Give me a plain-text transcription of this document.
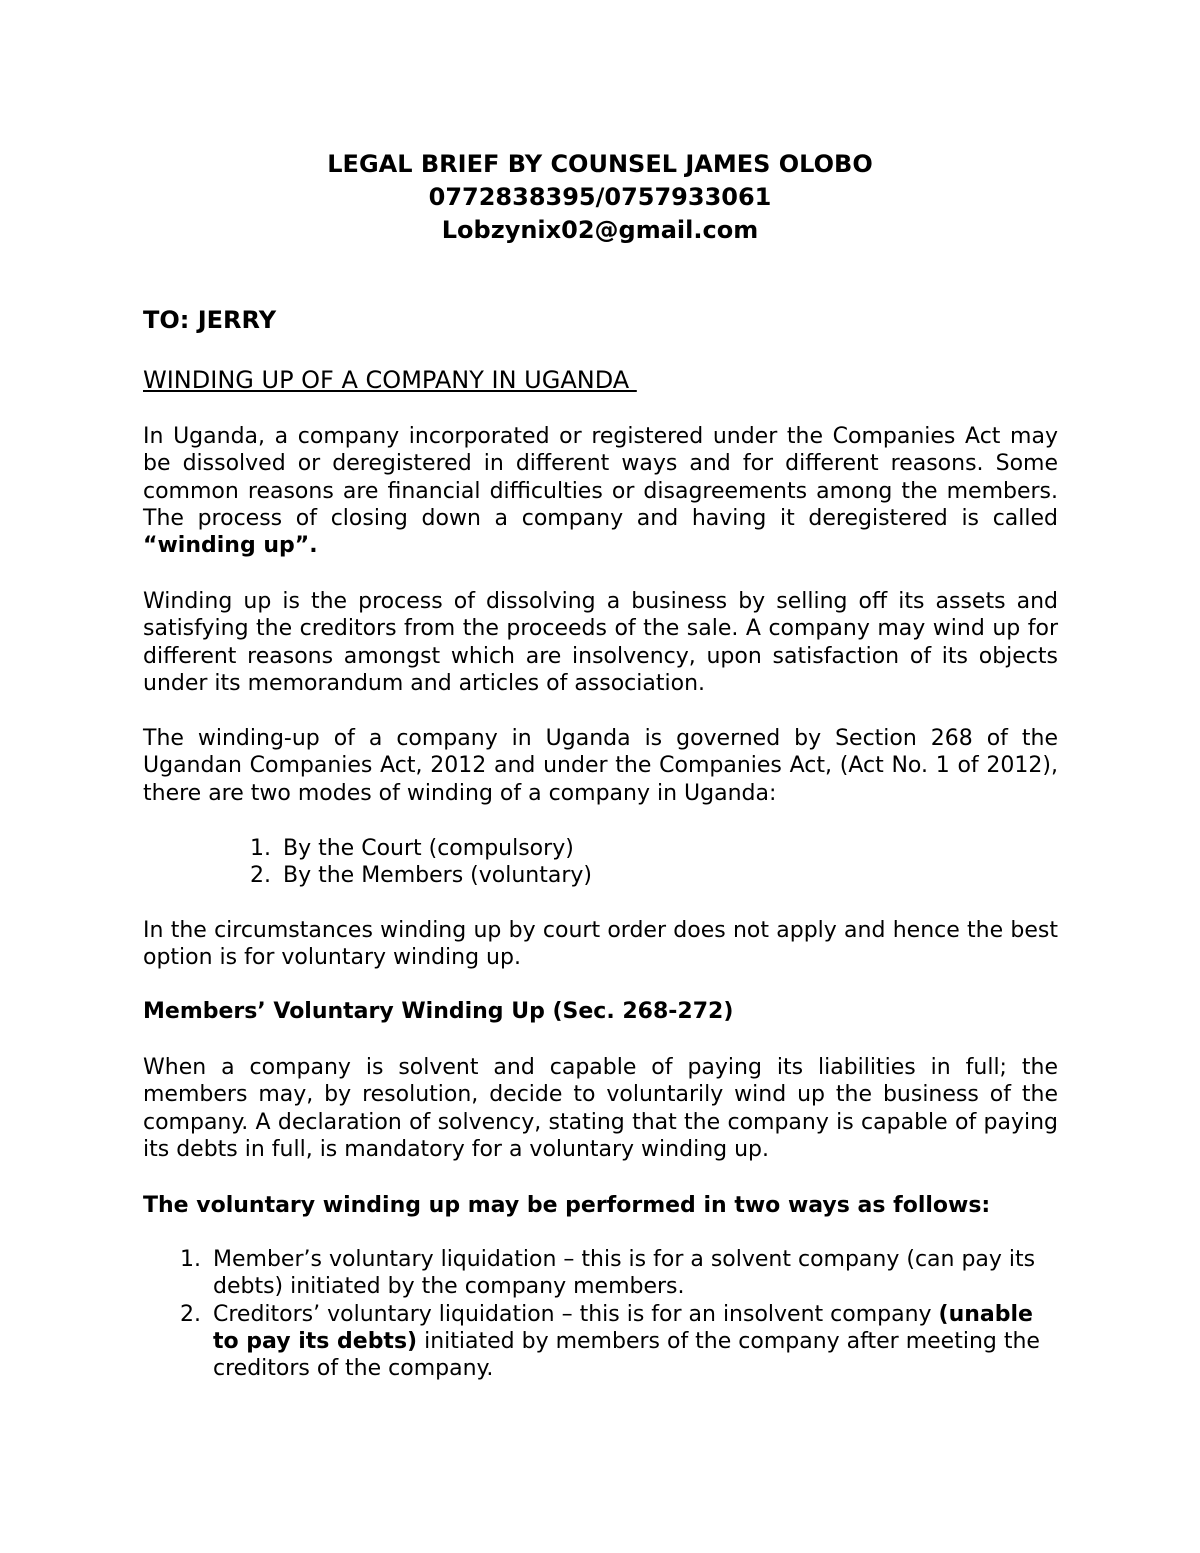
LEGAL BRIEF BY COUNSEL JAMES OLOBO

0772838395/0757933061

Lobzynix02@gmail.com

TO: JERRY

WINDING UP OF A COMPANY IN UGANDA

In Uganda, a company incorporated or registered under the Companies Act may be dissolved or deregistered in different ways and for different reasons. Some common reasons are financial difficulties or disagreements among the members. The process of closing down a company and having it deregistered is called “winding up”.

Winding up is the process of dissolving a business by selling off its assets and satisfying the creditors from the proceeds of the sale. A company may wind up for different reasons amongst which are insolvency, upon satisfaction of its objects under its memorandum and articles of association.

The winding-up of a company in Uganda is governed by Section 268 of the Ugandan Companies Act, 2012 and under the Companies Act, (Act No. 1 of 2012), there are two modes of winding of a company in Uganda:

1. By the Court (compulsory)
2. By the Members (voluntary)

In the circumstances winding up by court order does not apply and hence the best option is for voluntary winding up.

Members’ Voluntary Winding Up (Sec. 268-272)

When a company is solvent and capable of paying its liabilities in full; the members may, by resolution, decide to voluntarily wind up the business of the company. A declaration of solvency, stating that the company is capable of paying its debts in full, is mandatory for a voluntary winding up.

The voluntary winding up may be performed in two ways as follows:

1. Member’s voluntary liquidation – this is for a solvent company (can pay its debts) initiated by the company members.
2. Creditors’ voluntary liquidation – this is for an insolvent company (unable to pay its debts) initiated by members of the company after meeting the creditors of the company.
